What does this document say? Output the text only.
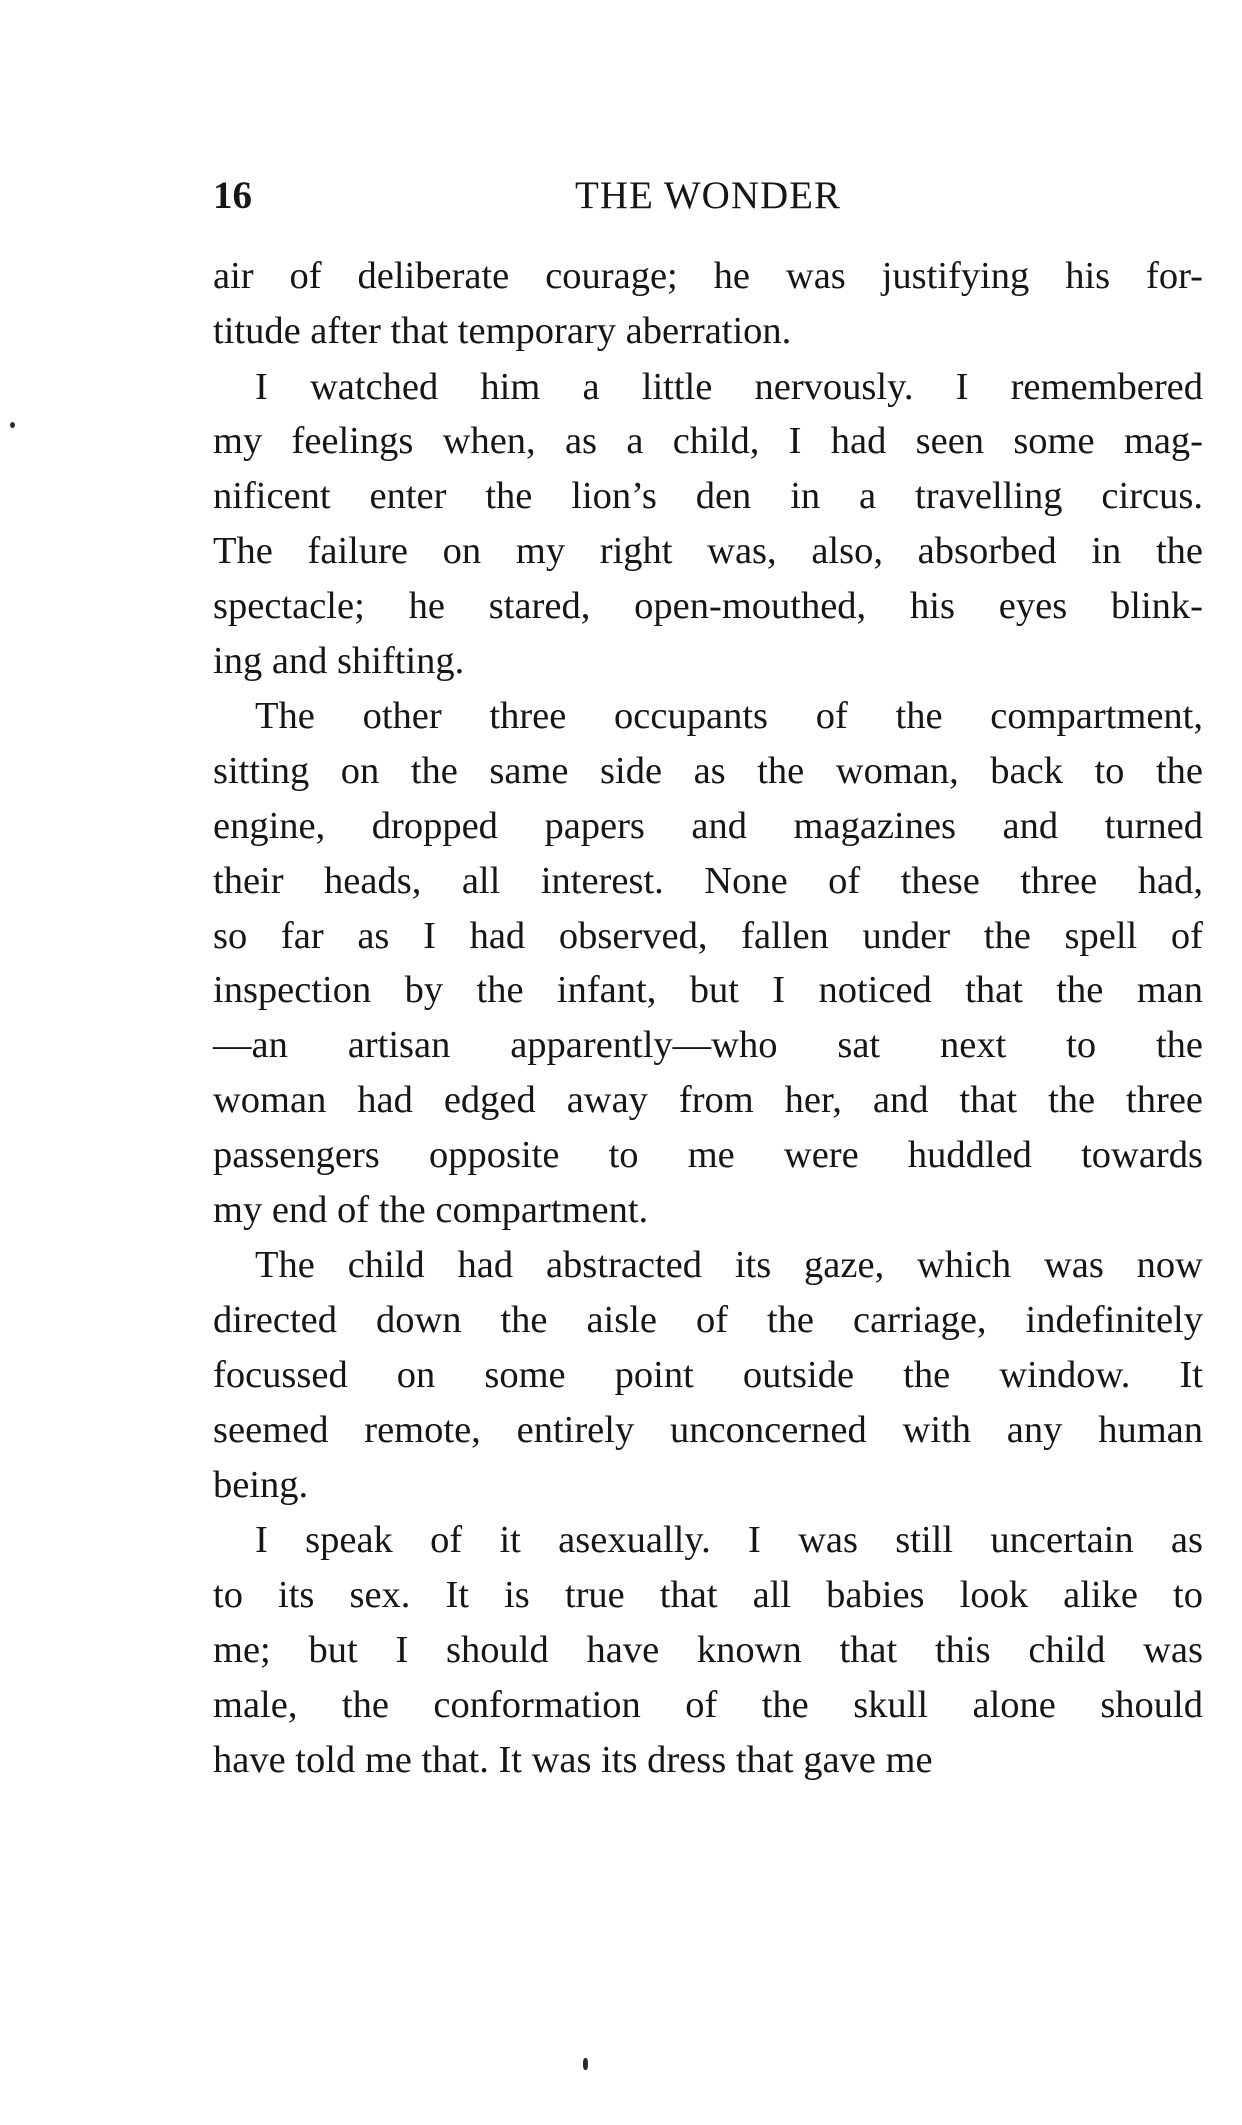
16	THE WONDER
air of deliberate courage; he was justifying his for-
titude after that temporary aberration.
I watched him a little nervously. I remembered
my feelings when, as a child, I had seen some mag-
nificent enter the lion’s den in a travelling circus.
The failure on my right was, also, absorbed in the
spectacle; he stared, open-mouthed, his eyes blink-
ing and shifting.
The other three occupants of the compartment,
sitting on the same side as the woman, back to the
engine, dropped papers and magazines and turned
their heads, all interest. None of these three had,
so far as I had observed, fallen under the spell of
inspection by the infant, but I noticed that the man
—an artisan apparently—who sat next to the
woman had edged away from her, and that the three
passengers opposite to me were huddled towards
my end of the compartment.
The child had abstracted its gaze, which was now
directed down the aisle of the carriage, indefinitely
focussed on some point outside the window. It
seemed remote, entirely unconcerned with any human
being.
I speak of it asexually. I was still uncertain as
to its sex. It is true that all babies look alike to
me; but I should have known that this child was
male, the conformation of the skull alone should
have told me that. It was its dress that gave me
